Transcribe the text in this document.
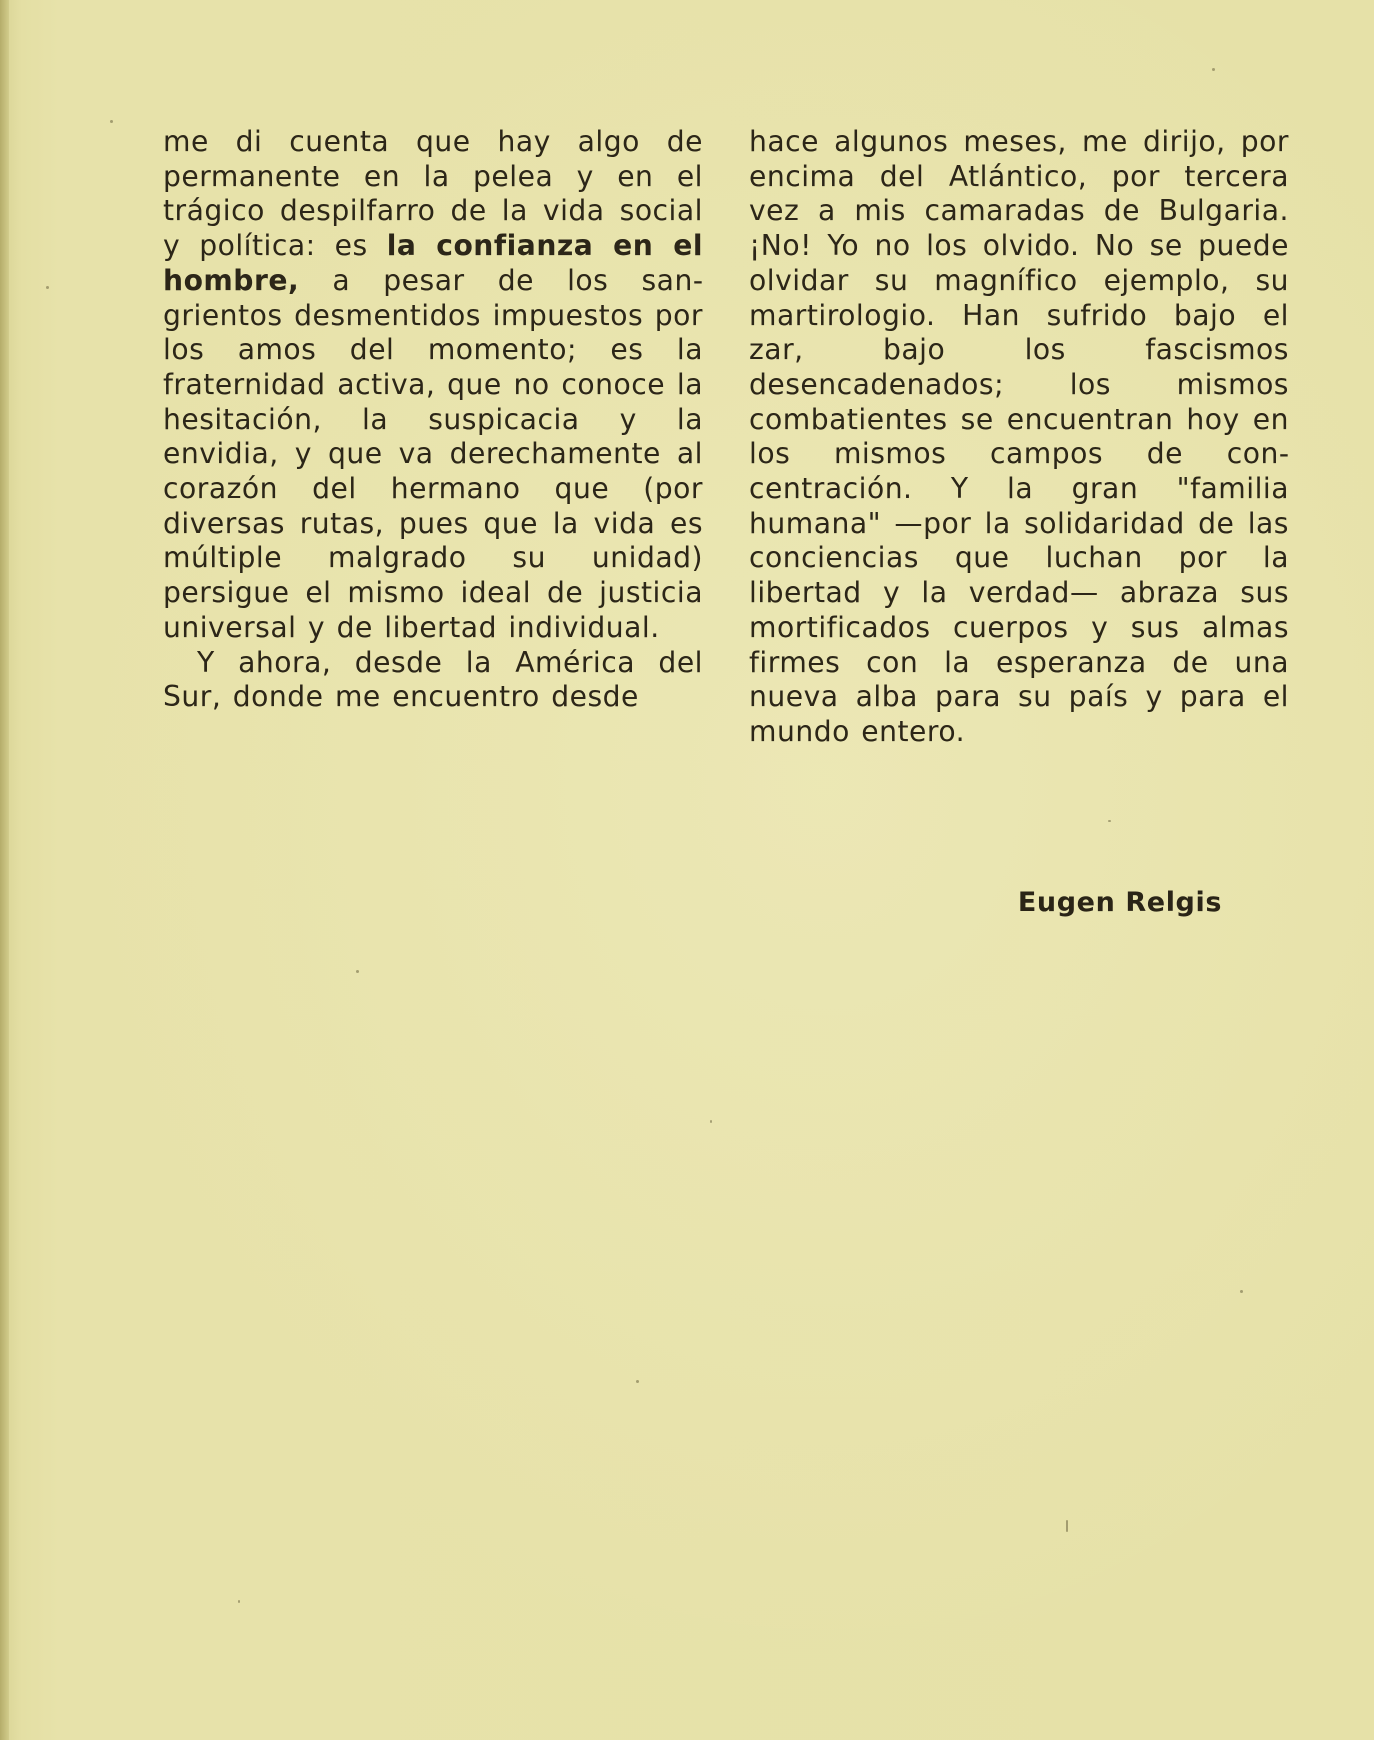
me di cuenta que hay algo de permanente en la pelea y en el trágico despilfarro de la vida social y política: es la confianza en el hombre, a pesar de los sangrientos desmentidos impuestos por los amos del momento; es la fraternidad activa, que no conoce la hesitación, la suspicacia y la envidia, y que va derechamente al corazón del hermano que (por diversas rutas, pues que la vida es múltiple malgrado su unidad) persigue el mismo ideal de justicia universal y de libertad individual.

Y ahora, desde la América del Sur, donde me encuentro desde

hace algunos meses, me dirijo, por encima del Atlántico, por tercera vez a mis camaradas de Bulgaria. ¡No! Yo no los olvido. No se puede olvidar su magnífico ejemplo, su martirologio. Han sufrido bajo el zar, bajo los fascismos desencadenados; los mismos combatientes se encuentran hoy en los mismos campos de concentración. Y la gran "familia humana" —por la solidaridad de las conciencias que luchan por la libertad y la verdad— abraza sus mortificados cuerpos y sus almas firmes con la esperanza de una nueva alba para su país y para el mundo entero.

Eugen Relgis
